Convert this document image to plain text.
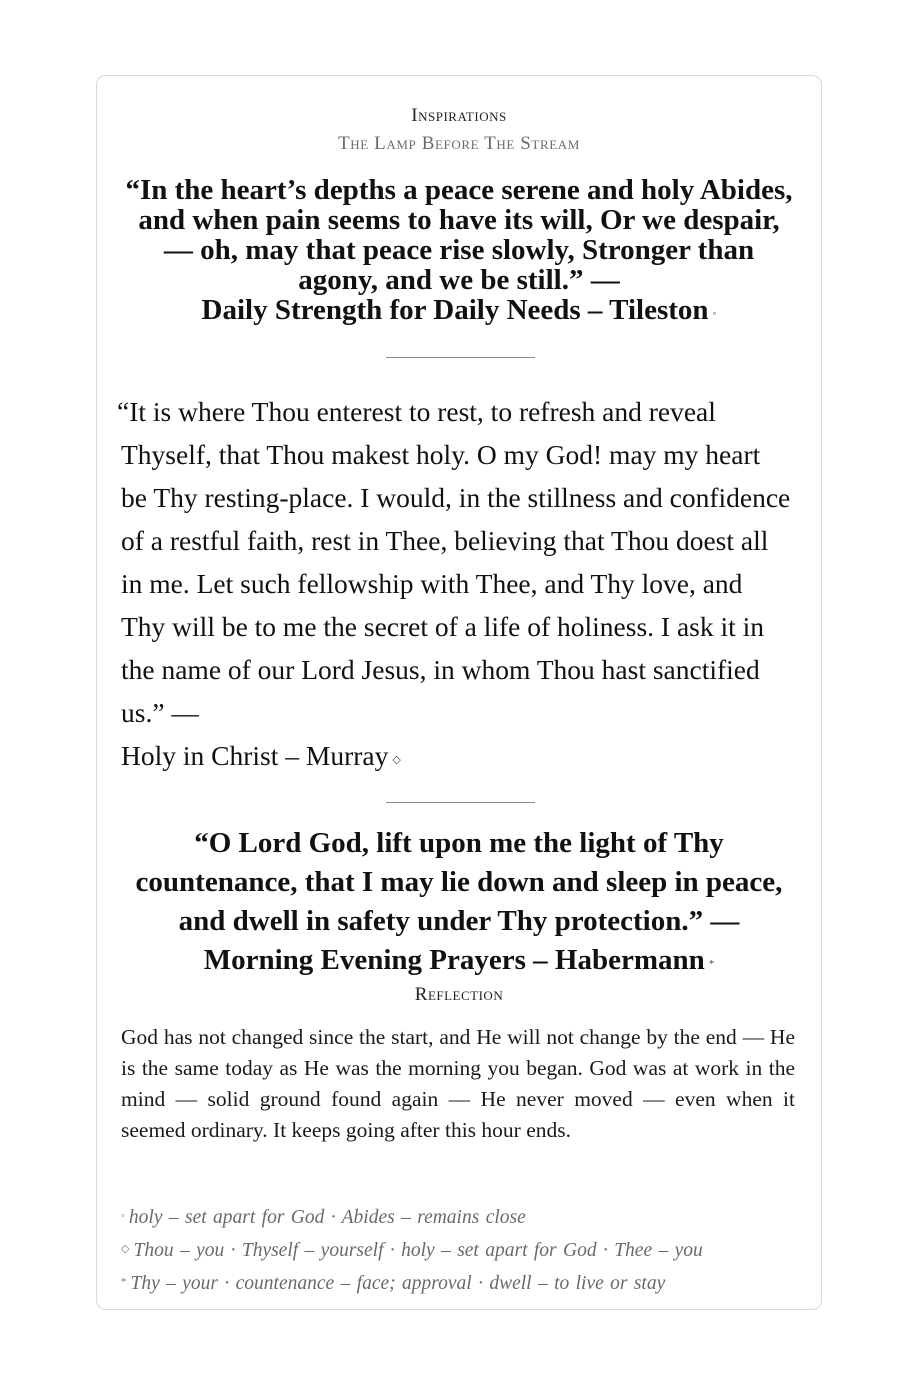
Inspirations
The Lamp Before The Stream
“In the heart’s depths a peace serene and holy Abides, and when pain seems to have its will, Or we despair, — oh, may that peace rise slowly, Stronger than agony, and we be still.” —
Daily Strength for Daily Needs – Tileston ◦
“It is where Thou enterest to rest, to refresh and reveal Thyself, that Thou makest holy. O my God! may my heart be Thy resting-place. I would, in the stillness and confidence of a restful faith, rest in Thee, believing that Thou doest all in me. Let such fellowship with Thee, and Thy love, and Thy will be to me the secret of a life of holiness. I ask it in the name of our Lord Jesus, in whom Thou hast sanctified us.” —
Holy in Christ – Murray ◇
“O Lord God, lift upon me the light of Thy countenance, that I may lie down and sleep in peace, and dwell in safety under Thy protection.” —
Morning Evening Prayers – Habermann *
Reflection
God has not changed since the start, and He will not change by the end — He is the same today as He was the morning you began. God was at work in the mind — solid ground found again — He never moved — even when it seemed ordinary. It keeps going after this hour ends.
◦ holy – set apart for God · Abides – remains close
◇ Thou – you · Thyself – yourself · holy – set apart for God · Thee – you
* Thy – your · countenance – face; approval · dwell – to live or stay
